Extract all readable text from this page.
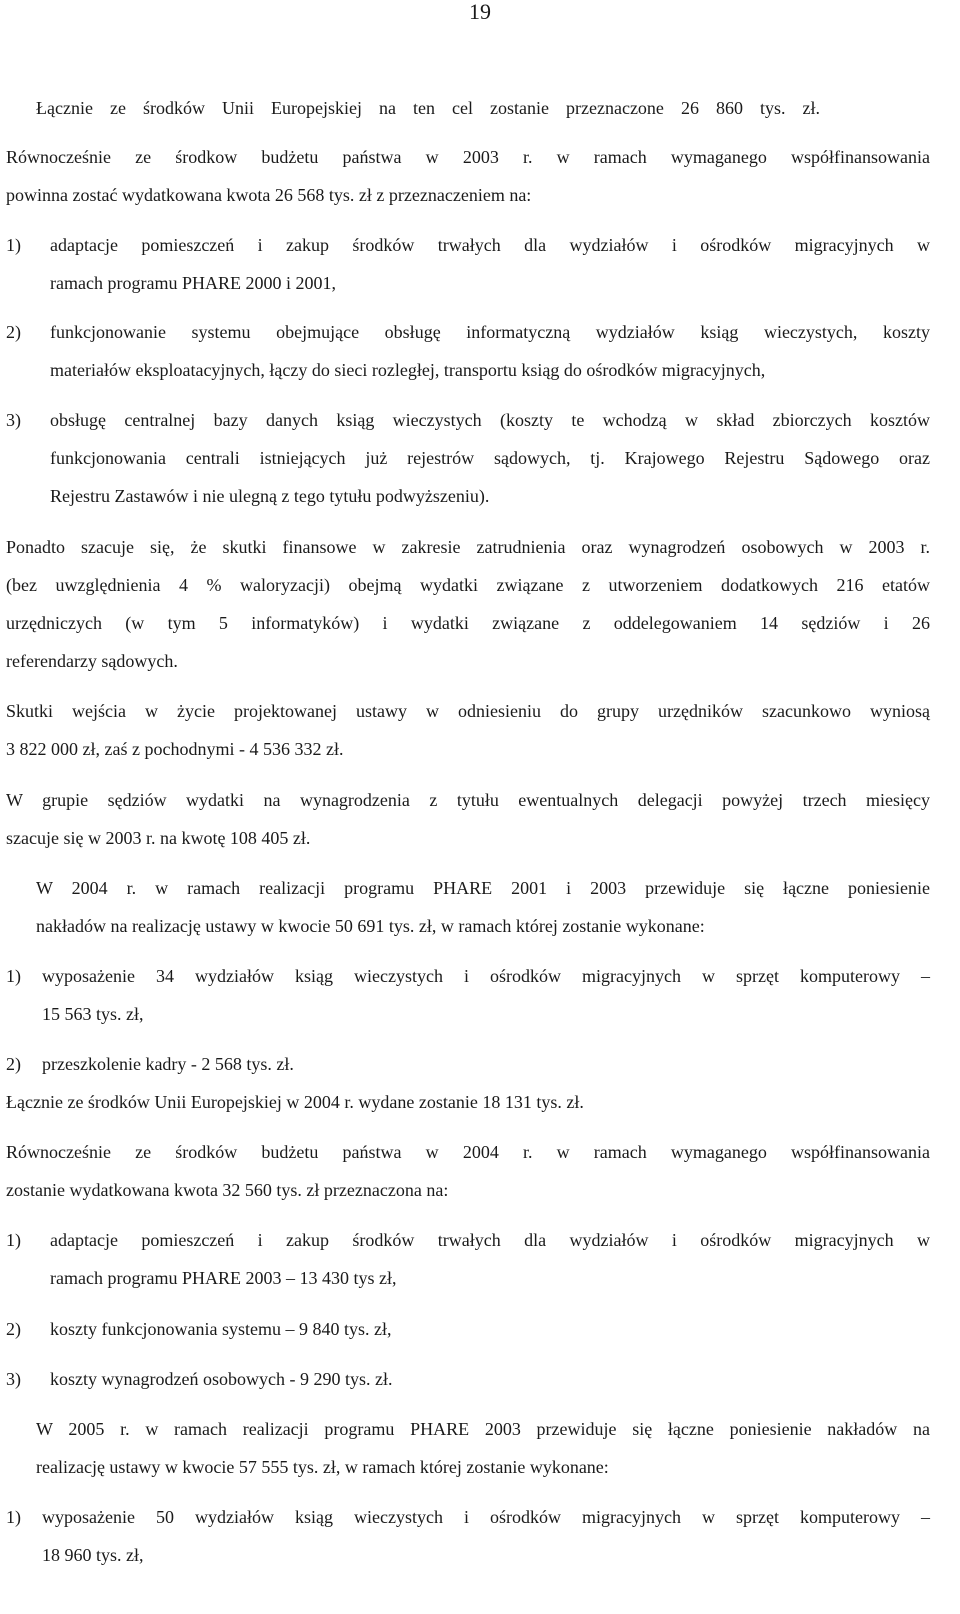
19
Łącznie ze środków Unii Europejskiej na ten cel zostanie przeznaczone 26 860 tys. zł.
Równocześnie ze środkow budżetu państwa w 2003 r. w ramach wymaganego współfinansowania
powinna zostać wydatkowana kwota 26 568 tys. zł z przeznaczeniem na:
1) adaptacje pomieszczeń i zakup środków trwałych dla wydziałów i ośrodków migracyjnych w
ramach programu PHARE 2000 i 2001,
2) funkcjonowanie systemu obejmujące obsługę informatyczną wydziałów ksiąg wieczystych, koszty
materiałów eksploatacyjnych, łączy do sieci rozległej, transportu ksiąg do ośrodków migracyjnych,
3) obsługę centralnej bazy danych ksiąg wieczystych (koszty te wchodzą w skład zbiorczych kosztów
funkcjonowania centrali istniejących już rejestrów sądowych, tj. Krajowego Rejestru Sądowego oraz
Rejestru Zastawów i nie ulegną z tego tytułu podwyższeniu).
Ponadto szacuje się, że skutki finansowe w zakresie zatrudnienia oraz wynagrodzeń osobowych w 2003 r.
(bez uwzględnienia 4 % waloryzacji) obejmą wydatki związane z utworzeniem dodatkowych 216 etatów
urzędniczych (w tym 5 informatyków) i wydatki związane z oddelegowaniem 14 sędziów i 26
referendarzy sądowych.
Skutki wejścia w życie projektowanej ustawy w odniesieniu do grupy urzędników szacunkowo wyniosą
3 822 000 zł, zaś z pochodnymi - 4 536 332 zł.
W grupie sędziów wydatki na wynagrodzenia z tytułu ewentualnych delegacji powyżej trzech miesięcy
szacuje się w 2003 r. na kwotę 108 405 zł.
W 2004 r. w ramach realizacji programu PHARE 2001 i 2003 przewiduje się łączne poniesienie
nakładów na realizację ustawy w kwocie 50 691 tys. zł, w ramach której zostanie wykonane:
1) wyposażenie 34 wydziałów ksiąg wieczystych i ośrodków migracyjnych w sprzęt komputerowy –
15 563 tys. zł,
2) przeszkolenie kadry - 2 568 tys. zł.
Łącznie ze środków Unii Europejskiej w 2004 r. wydane zostanie 18 131 tys. zł.
Równocześnie ze środków budżetu państwa w 2004 r. w ramach wymaganego współfinansowania
zostanie wydatkowana kwota 32 560 tys. zł przeznaczona na:
1) adaptacje pomieszczeń i zakup środków trwałych dla wydziałów i ośrodków migracyjnych w
ramach programu PHARE 2003 – 13 430 tys zł,
2) koszty funkcjonowania systemu – 9 840 tys. zł,
3) koszty wynagrodzeń osobowych - 9 290 tys. zł.
W 2005 r. w ramach realizacji programu PHARE 2003 przewiduje się łączne poniesienie nakładów na
realizację ustawy w kwocie 57 555 tys. zł, w ramach której zostanie wykonane:
1) wyposażenie 50 wydziałów ksiąg wieczystych i ośrodków migracyjnych w sprzęt komputerowy –
18 960 tys. zł,
